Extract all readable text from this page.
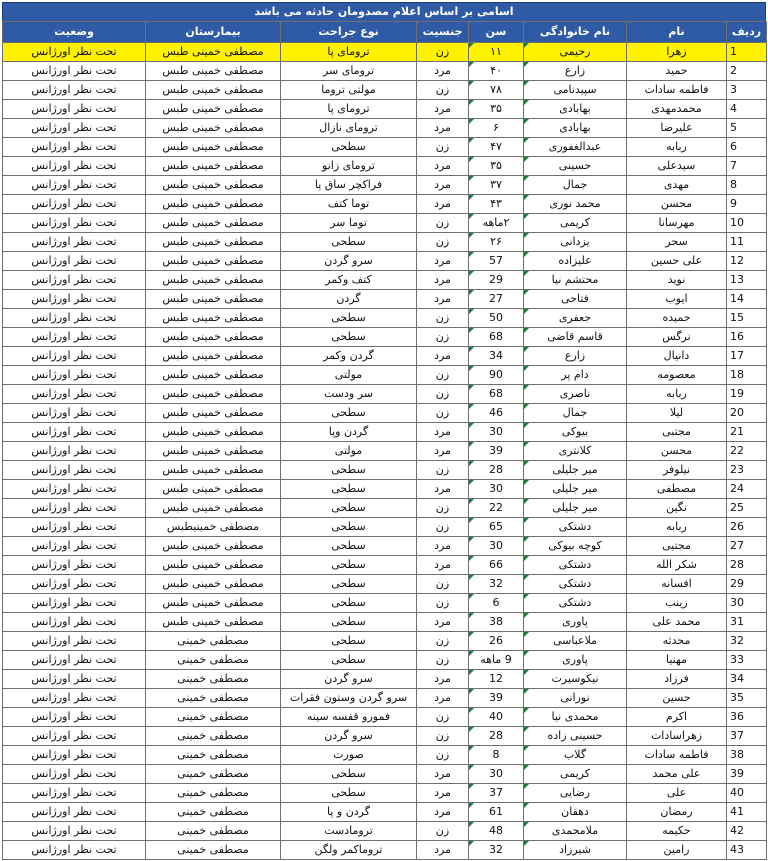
اسامی بر اساس اعلام مصدومان حادثه می باشد
ردیف	نام	نام خانوادگی	سن	جنسیت	نوع جراحت	بیمارستان	وضعیت
1	زهرا	رحیمی	۱۱	زن	ترومای پا	مصطفی خمینی طبس	تحت نظر اورژانس
2	حمید	زارع	۴۰	مرد	ترومای سر	مصطفی خمینی طبس	تحت نظر اورژانس
3	فاطمه سادات	سپیدنامی	۷۸	زن	مولتی تروما	مصطفی خمینی طبس	تحت نظر اورژانس
4	محمدمهدی	بهابادی	۳۵	مرد	ترومای پا	مصطفی خمینی طبس	تحت نظر اورژانس
5	علیرضا	بهابادی	۶	مرد	ترومای نازال	مصطفی خمینی طبس	تحت نظر اورژانس
6	ربابه	عبدالغفوری	۴۷	زن	سطحی	مصطفی خمینی طبس	تحت نظر اورژانس
7	سیدعلی	حسینی	۳۵	مرد	ترومای زانو	مصطفی خمینی طبس	تحت نظر اورژانس
8	مهدی	جمال	۳۷	مرد	فراکچر ساق پا	مصطفی خمینی طبس	تحت نظر اورژانس
9	محسن	محمد نوری	۴۳	مرد	توما کتف	مصطفی خمینی طبس	تحت نظر اورژانس
10	مهرسانا	کریمی	۲ماهه	زن	توما سر	مصطفی خمینی طبس	تحت نظر اورژانس
11	سحر	یزدانی	۲۶	زن	سطحی	مصطفی خمینی طبس	تحت نظر اورژانس
12	علی حسین	علیزاده	57	مرد	سرو گردن	مصطفی خمینی طبس	تحت نظر اورژانس
13	نوید	محتشم نیا	29	مرد	کتف وکمر	مصطفی خمینی طبس	تحت نظر اورژانس
14	ایوب	فتاحی	27	مرد	گردن	مصطفی خمینی طبس	تحت نظر اورژانس
15	حمیده	جعفری	50	زن	سطحی	مصطفی خمینی طبس	تحت نظر اورژانس
16	نرگس	قاسم قاضی	68	زن	سطحی	مصطفی خمینی طبس	تحت نظر اورژانس
17	دانیال	زارع	34	مرد	گردن وکمر	مصطفی خمینی طبس	تحت نظر اورژانس
18	معصومه	دام پر	90	زن	مولتی	مصطفی خمینی طبس	تحت نظر اورژانس
19	ربابه	ناصری	68	زن	سر ودست	مصطفی خمینی طبس	تحت نظر اورژانس
20	لیلا	جمال	46	زن	سطحی	مصطفی خمینی طبس	تحت نظر اورژانس
21	مجتبی	بیوکی	30	مرد	گردن وپا	مصطفی خمینی طبس	تحت نظر اورژانس
22	محسن	کلانتری	39	مرد	مولتی	مصطفی خمینی طبس	تحت نظر اورژانس
23	نیلوفر	میر جلیلی	28	زن	سطحی	مصطفی خمینی طبس	تحت نظر اورژانس
24	مصطفی	میر جلیلی	30	مرد	سطحی	مصطفی خمینی طبس	تحت نظر اورژانس
25	نگین	میر جلیلی	22	زن	سطحی	مصطفی خمینی طبس	تحت نظر اورژانس
26	ربابه	دشتکی	65	زن	سطحی	مصطفی خمینیطبس	تحت نظر اورژانس
27	مجتبی	کوچه بیوکی	30	مرد	سطحی	مصطفی خمینی طبس	تحت نظر اورژانس
28	شکر الله	دشتکی	66	مرد	سطحی	مصطفی خمینی طبس	تحت نظر اورژانس
29	افسانه	دشتکی	32	زن	سطحی	مصطفی خمینی طبس	تحت نظر اورژانس
30	زینب	دشتکی	6	زن	سطحی	مصطفی خمینی طبس	تحت نظر اورژانس
31	محمد علی	پاوری	38	مرد	سطحی	مصطفی خمینی طبس	تحت نظر اورژانس
32	محدثه	ملاعباسی	26	زن	سطحی	مصطفی خمینی	تحت نظر اورژانس
33	مهنیا	پاوری	9 ماهه	زن	سطحی	مصطفی خمینی	تحت نظر اورژانس
34	فرزاد	نیکوسیرت	12	مرد	سرو گردن	مصطفی خمینی	تحت نظر اورژانس
35	حسین	نورانی	39	مرد	سرو گردن وستون فقرات	مصطفی خمینی	تحت نظر اورژانس
36	اکرم	محمدی نیا	40	زن	فمورو قفسه سینه	مصطفی خمینی	تحت نظر اورژانس
37	زهراسادات	حسینی زاده	28	زن	سرو گردن	مصطفی خمینی	تحت نظر اورژانس
38	فاطمه سادات	گلاب	8	زن	صورت	مصطفی خمینی	تحت نظر اورژانس
39	علی محمد	کریمی	30	مرد	سطحی	مصطفی خمینی	تحت نظر اورژانس
40	علی	رضایی	37	مرد	سطحی	مصطفی خمینی	تحت نظر اورژانس
41	رمضان	دهقان	61	مرد	گردن و پا	مصطفی خمینی	تحت نظر اورژانس
42	حکیمه	ملامحمدی	48	زن	ترومادست	مصطفی خمینی	تحت نظر اورژانس
43	رامین	شیرزاد	32	مرد	تروماکمر ولگن	مصطفی خمینی	تحت نظر اورژانس
